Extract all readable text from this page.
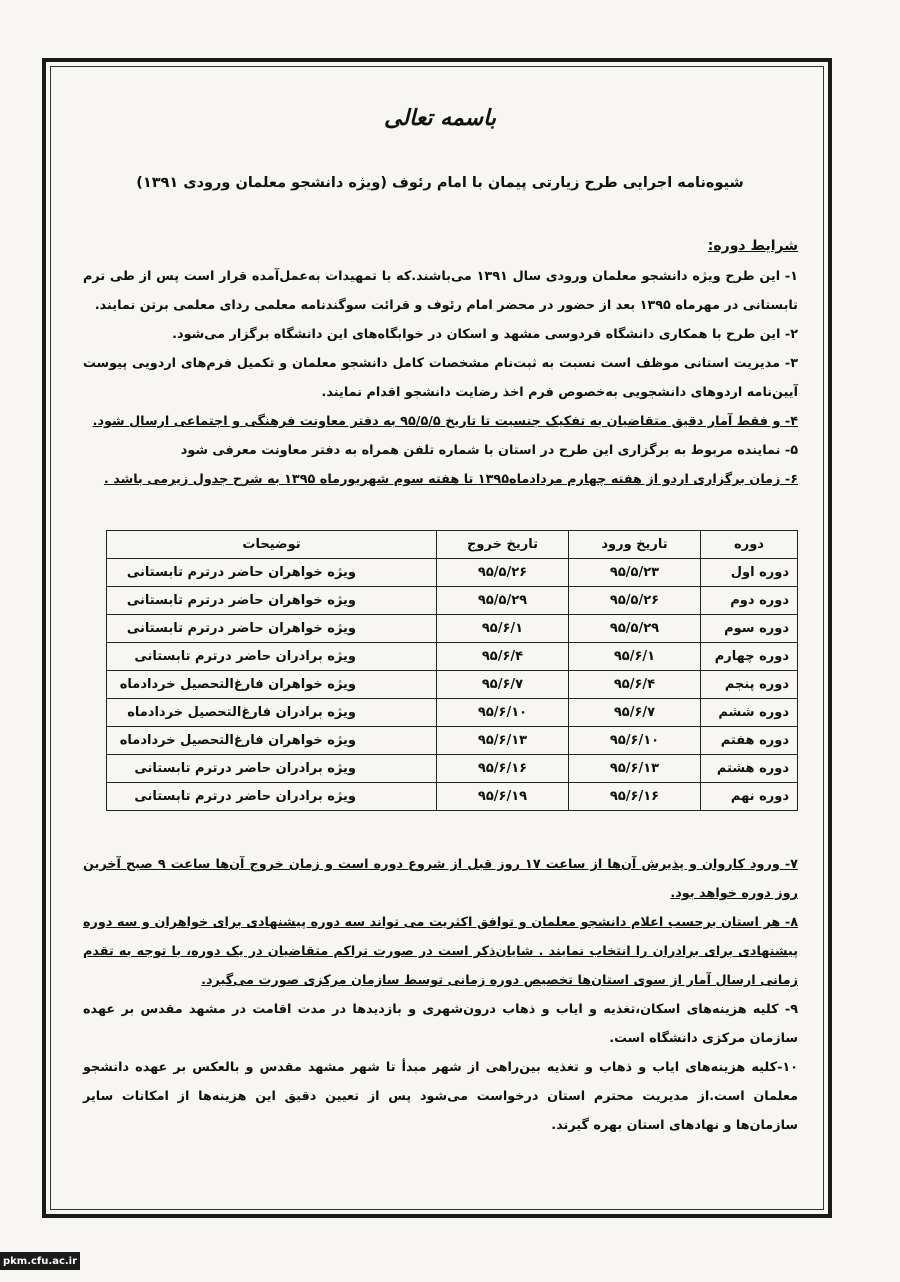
باسمه تعالی
شیوه‌نامه اجرایی طرح زیارتی پیمان با امام رئوف (ویژه دانشجو معلمان ورودی ۱۳۹۱)
شرایط دوره:

۱- این طرح ویژه دانشجو معلمان ورودی سال ۱۳۹۱ می‌باشند.که با تمهیدات به‌عمل‌آمده قرار است پس از طی ترم تابستانی در مهرماه ۱۳۹۵ بعد از حضور در محضر امام رئوف و قرائت سوگندنامه معلمی ردای معلمی برتن نمایند.

۲- این طرح با همکاری دانشگاه فردوسی مشهد و اسکان در خوابگاه‌های این دانشگاه برگزار می‌شود.

۳- مدیریت استانی موظف است نسبت به ثبت‌نام مشخصات کامل دانشجو معلمان و تکمیل فرم‌های اردویی پیوست آیین‌نامه اردوهای دانشجویی به‌خصوص فرم اخذ رضایت دانشجو اقدام نمایند.

۴- و فقط آمار دقیق متقاضیان به تفکیک جنسیت تا تاریخ ۹۵/۵/۵ به دفتر معاونت فرهنگی و اجتماعی ارسال شود.

۵- نماینده مربوط به برگزاری این طرح در استان با شماره تلفن همراه به دفتر معاونت معرفی شود

۶- زمان برگزاری اردو از هفته چهارم مردادماه۱۳۹۵ تا هفته سوم شهریورماه ۱۳۹۵ به شرح جدول زیرمی باشد .

دوره	تاریخ ورود	تاریخ خروج	توضیحات
دوره اول	۹۵/۵/۲۳	۹۵/۵/۲۶	ویژه خواهران حاضر درترم تابستانی
دوره دوم	۹۵/۵/۲۶	۹۵/۵/۲۹	ویژه خواهران حاضر درترم تابستانی
دوره سوم	۹۵/۵/۲۹	۹۵/۶/۱	ویژه خواهران حاضر درترم تابستانی
دوره چهارم	۹۵/۶/۱	۹۵/۶/۴	ویژه برادران حاضر درترم تابستانی
دوره پنجم	۹۵/۶/۴	۹۵/۶/۷	ویژه خواهران فارغ‌التحصیل خردادماه
دوره ششم	۹۵/۶/۷	۹۵/۶/۱۰	ویژه برادران فارغ‌التحصیل خردادماه
دوره هفتم	۹۵/۶/۱۰	۹۵/۶/۱۳	ویژه خواهران فارغ‌التحصیل خردادماه
دوره هشتم	۹۵/۶/۱۳	۹۵/۶/۱۶	ویژه برادران حاضر درترم تابستانی
دوره نهم	۹۵/۶/۱۶	۹۵/۶/۱۹	ویژه برادران حاضر درترم تابستانی

۷- ورود کاروان و پذیرش آن‌ها از ساعت ۱۷ روز قبل از شروع دوره است و زمان خروج آن‌ها ساعت ۹ صبح آخرین روز دوره خواهد بود.

۸- هر استان برحسب اعلام دانشجو معلمان و توافق اکثریت می تواند سه دوره پیشنهادی برای خواهران و سه دوره پیشنهادی برای برادران را انتخاب نمایند . شایان‌ذکر است در صورت تراکم متقاضیان در یک دوره، با توجه به تقدم زمانی ارسال آمار از سوی استان‌ها تخصیص دوره زمانی توسط سازمان مرکزی صورت می‌گیرد.

۹- کلیه هزینه‌های اسکان،تغذیه و ایاب و ذهاب درون‌شهری و بازدیدها در مدت اقامت در مشهد مقدس بر عهده سازمان مرکزی دانشگاه است.

۱۰-کلیه هزینه‌های ایاب و ذهاب و تغذیه بین‌راهی از شهر مبدأ تا شهر مشهد مقدس و بالعکس بر عهده دانشجو معلمان است.از مدیریت محترم استان درخواست می‌شود پس از تعیین دقیق این هزینه‌ها از امکانات سایر سازمان‌ها و نهادهای استان بهره گیرند.

pkm.cfu.ac.ir
